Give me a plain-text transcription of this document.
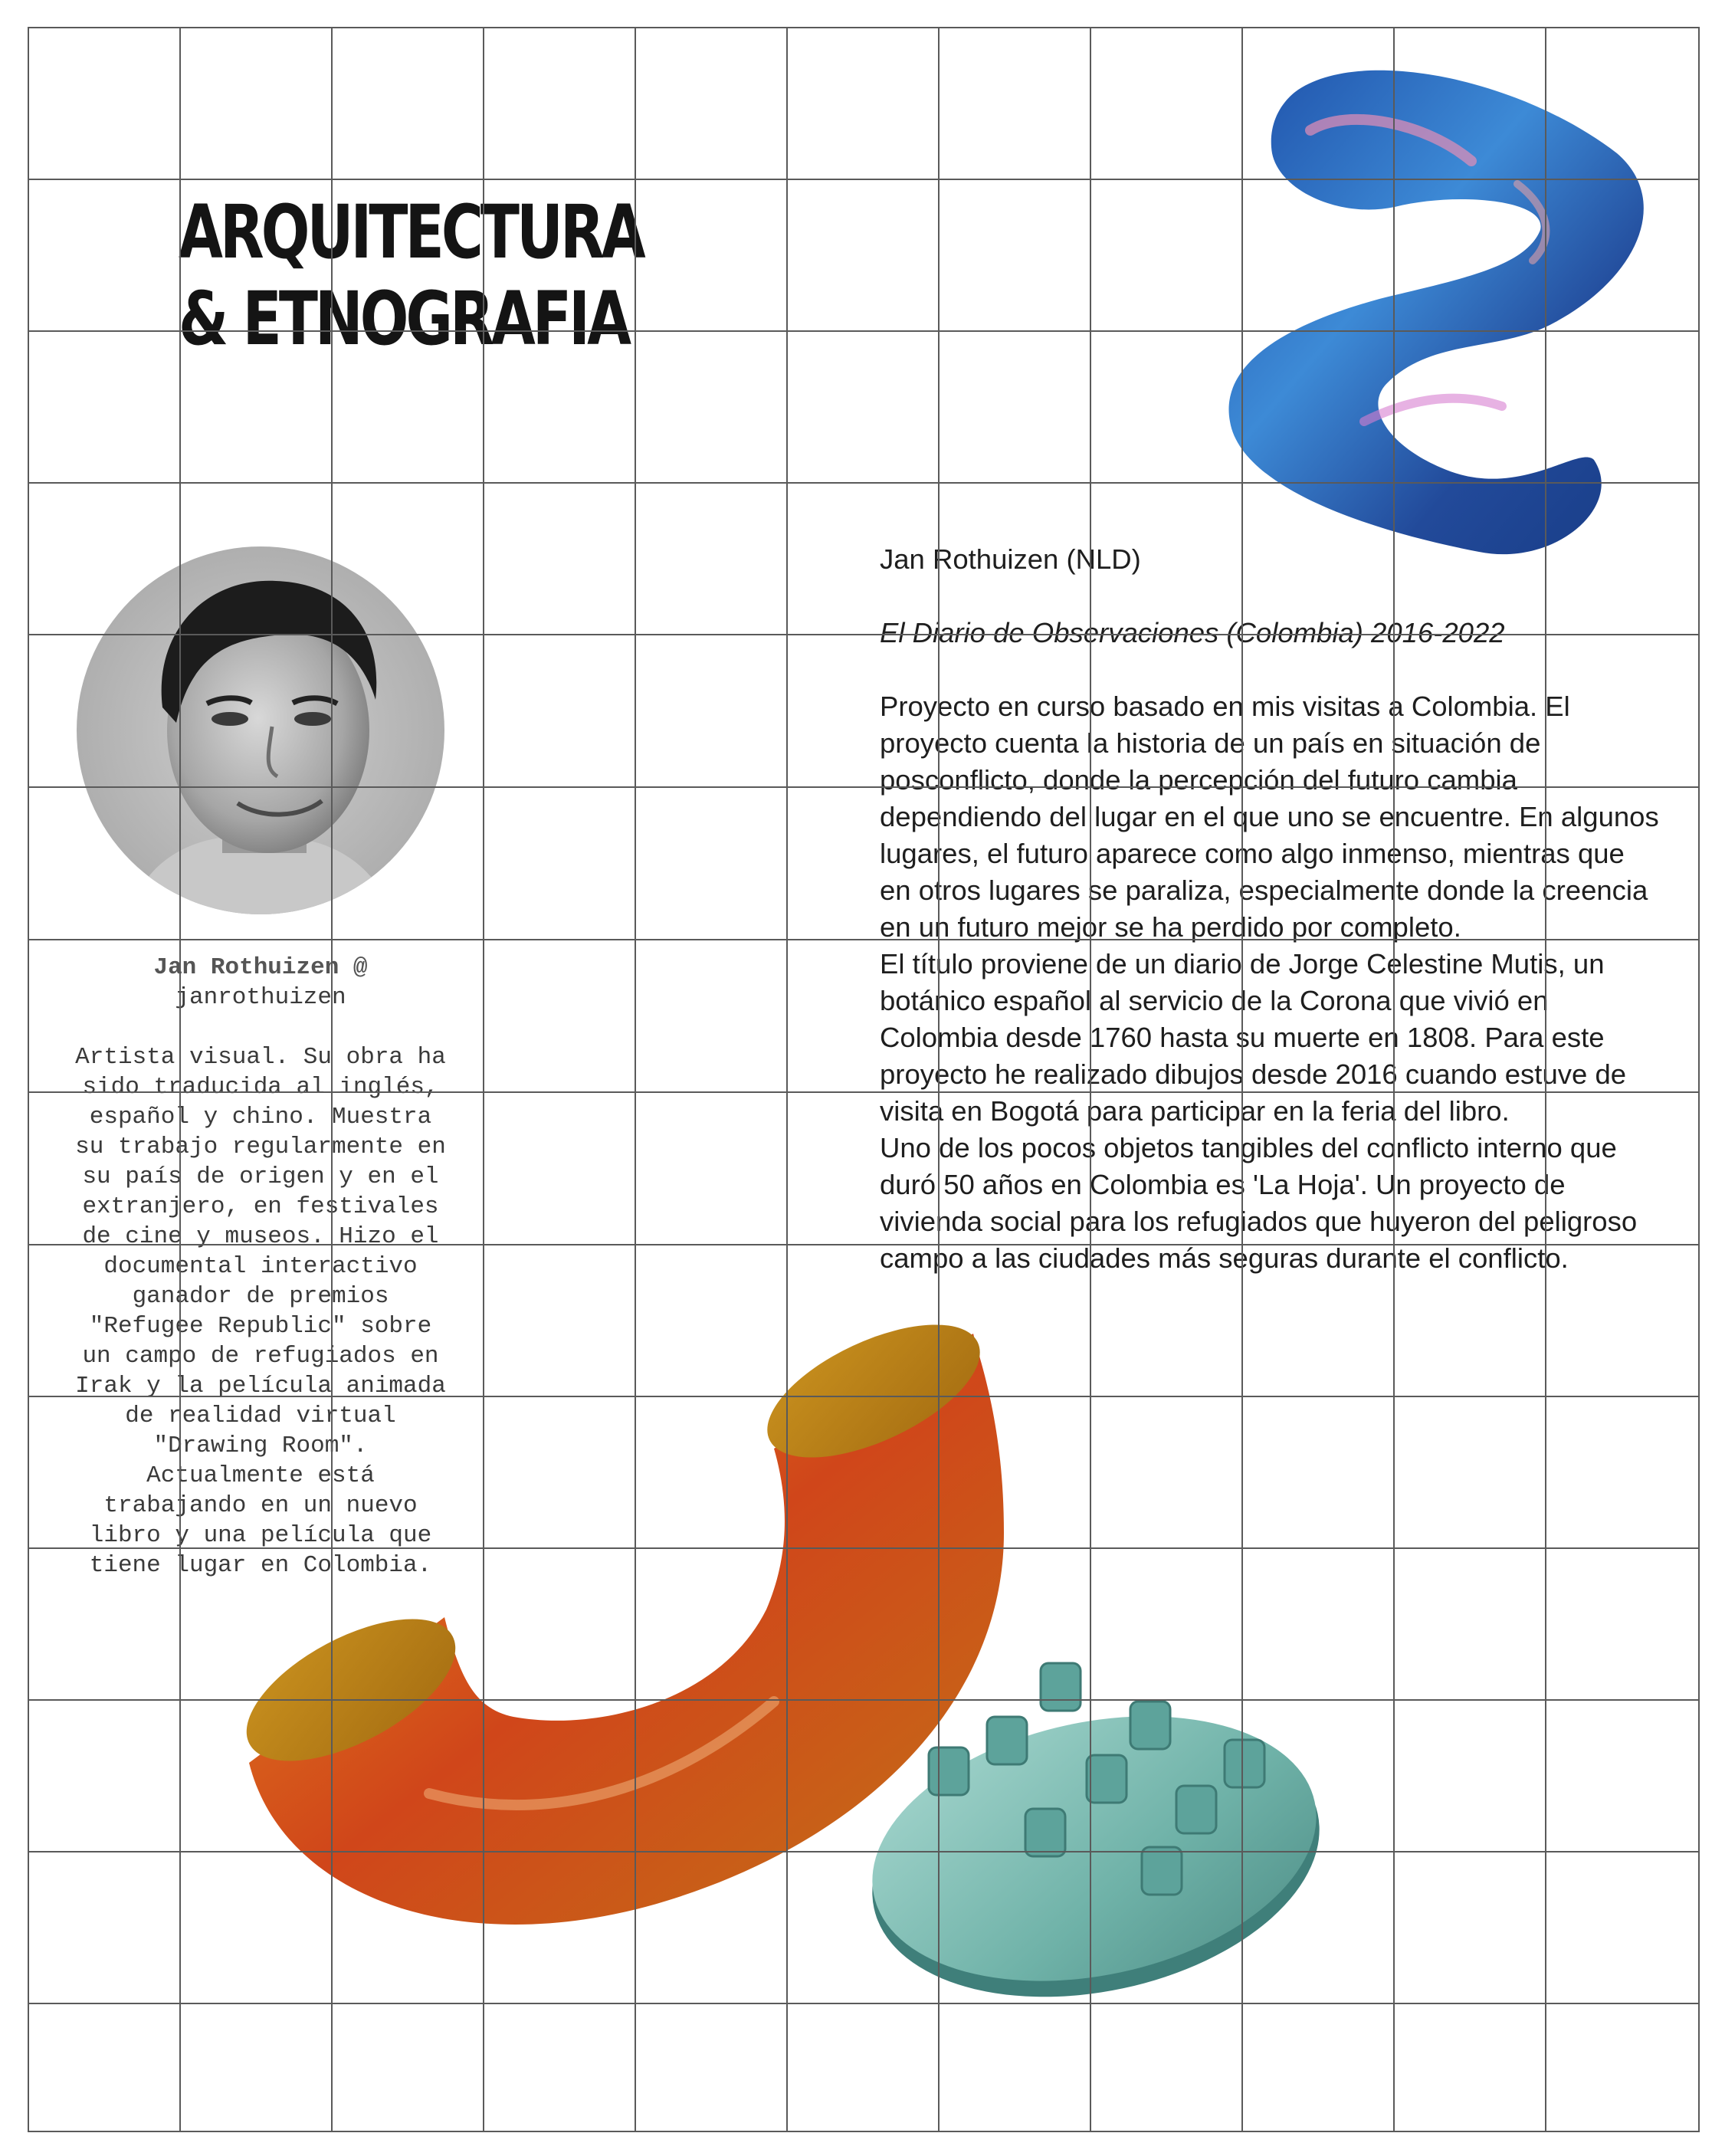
ARQUITECTURA
& ETNOGRAFIA

Jan Rothuizen @

janrothuizen

Artista visual. Su obra ha sido traducida al inglés, español y chino. Muestra su trabajo regularmente en su país de origen y en el extranjero, en festivales de cine y museos. Hizo el documental interactivo ganador de premios "Refugee Republic" sobre un campo de refugiados en Irak y la película animada de realidad virtual "Drawing Room". Actualmente está trabajando en un nuevo libro y una película que tiene lugar en Colombia.

Jan Rothuizen (NLD)

El Diario de Observaciones (Colombia) 2016-2022

Proyecto en curso basado en mis visitas a Colombia. El proyecto cuenta la historia de un país en situación de posconflicto, donde la percepción del futuro cambia dependiendo del lugar en el que uno se encuentre. En algunos lugares, el futuro aparece como algo inmenso, mientras que en otros lugares se paraliza, especialmente donde la creencia en un futuro mejor se ha perdido por completo.

El título proviene de un diario de Jorge Celestine Mutis, un botánico español al servicio de la Corona que vivió en Colombia desde 1760 hasta su muerte en 1808. Para este proyecto he realizado dibujos desde 2016 cuando estuve de visita en Bogotá para participar en la feria del libro.

Uno de los pocos objetos tangibles del conflicto interno que duró 50 años en Colombia es 'La Hoja'. Un proyecto de vivienda social para los refugiados que huyeron del peligroso campo a las ciudades más seguras durante el conflicto.
